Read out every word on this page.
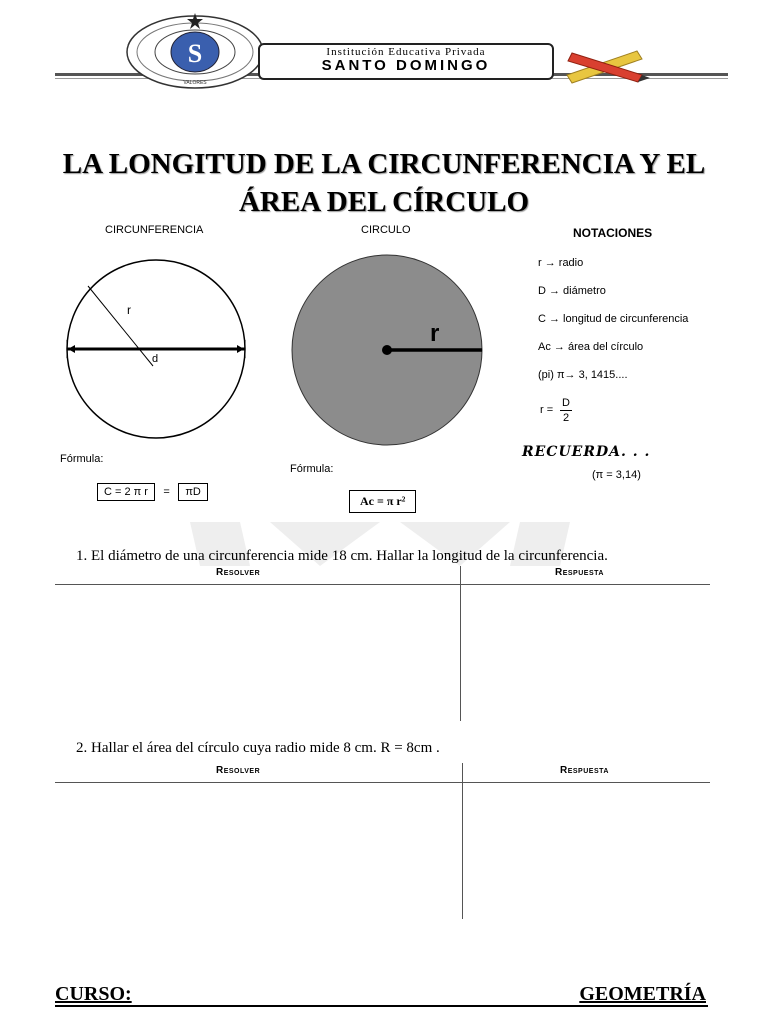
S
VALORES
Institución Educativa Privada
SANTO DOMINGO
LA LONGITUD DE LA CIRCUNFERENCIA Y EL
ÁREA DEL CÍRCULO
CIRCUNFERENCIA
r
d
Fórmula:
C = 2 π r = πD
CIRCULO
r
Fórmula:
Ac = π r²
NOTACIONES
r → radio
D → diámetro
C → longitud de circunferencia
Ac → área del círculo
(pi) π→ 3, 1415....
r =
D
2
RECUERDA. . .
(π = 3,14)
1. El diámetro de una circunferencia mide 18 cm. Hallar la longitud de la circunferencia.
Resolver	Respuesta
2. Hallar el área del círculo cuya radio mide 8 cm. R = 8cm .
Resolver	Respuesta
CURSO:	GEOMETRÍA
